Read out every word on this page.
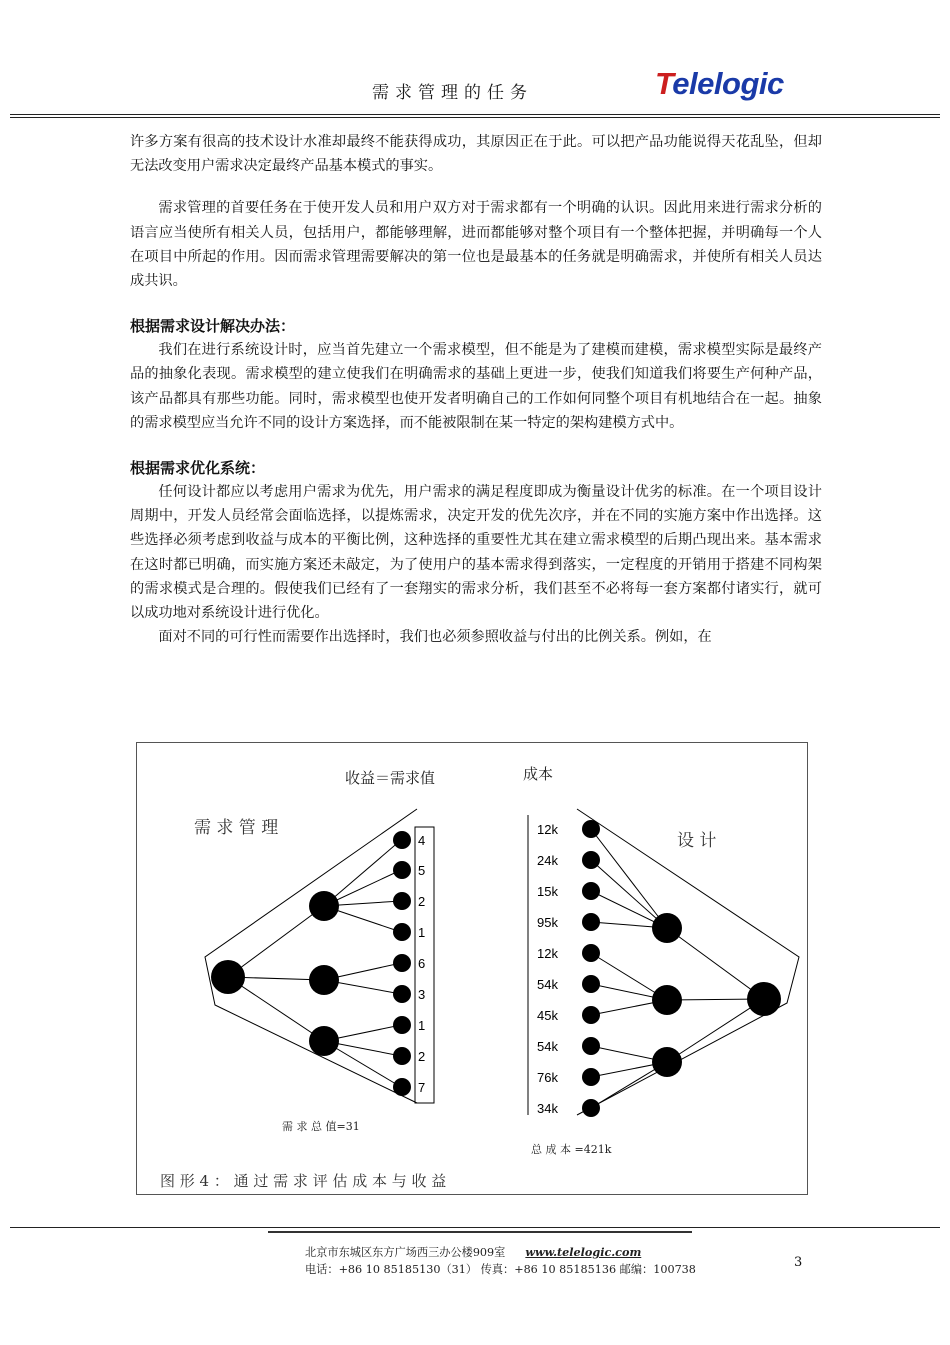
需求管理的任务	Telelogic

许多方案有很高的技术设计水准却最终不能获得成功，其原因正在于此。可以把产品功能说得天花乱坠，但却无法改变用户需求决定最终产品基本模式的事实。

需求管理的首要任务在于使开发人员和用户双方对于需求都有一个明确的认识。因此用来进行需求分析的语言应当使所有相关人员，包括用户，都能够理解，进而都能够对整个项目有一个整体把握，并明确每一个人在项目中所起的作用。因而需求管理需要解决的第一位也是最基本的任务就是明确需求，并使所有相关人员达成共识。

根据需求设计解决办法：

我们在进行系统设计时，应当首先建立一个需求模型，但不能是为了建模而建模，需求模型实际是最终产品的抽象化表现。需求模型的建立使我们在明确需求的基础上更进一步，使我们知道我们将要生产何种产品，该产品都具有那些功能。同时，需求模型也使开发者明确自己的工作如何同整个项目有机地结合在一起。抽象的需求模型应当允许不同的设计方案选择，而不能被限制在某一特定的架构建模方式中。

根据需求优化系统：

任何设计都应以考虑用户需求为优先，用户需求的满足程度即成为衡量设计优劣的标准。在一个项目设计周期中，开发人员经常会面临选择，以提炼需求，决定开发的优先次序，并在不同的实施方案中作出选择。这些选择必须考虑到收益与成本的平衡比例，这种选择的重要性尤其在建立需求模型的后期凸现出来。基本需求在这时都已明确，而实施方案还未敲定，为了使用户的基本需求得到落实，一定程度的开销用于搭建不同构架的需求模式是合理的。假使我们已经有了一套翔实的需求分析，我们甚至不必将每一套方案都付诸实行，就可以成功地对系统设计进行优化。

面对不同的可行性而需要作出选择时，我们也必须参照收益与付出的比例关系。例如，在

4
5
2
1
6
3
1
2
7
12k
24k
15k
95k
12k
54k
45k
54k
76k
34k
收益＝需求值	成本
需 求 管 理
设 计
需 求 总 值=31
总 成 本 =421k
图 形 4 ： 通 过 需 求 评 估 成 本 与 收 益
北京市东城区东方广场西三办公楼909室 www.telelogic.com
电话：+86 10 85185130（31） 传真：+86 10 85185136 邮编：100738	3
